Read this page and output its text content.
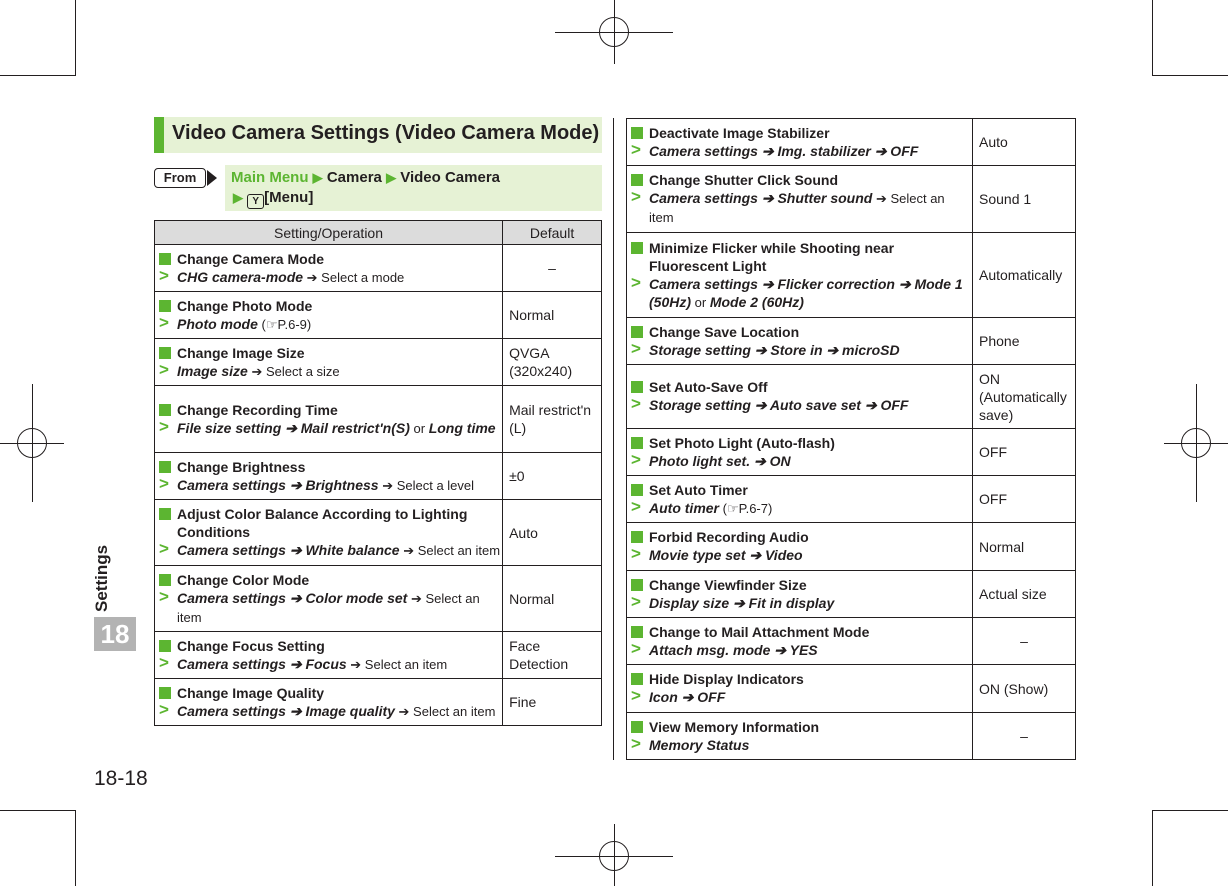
Settings
18
18-18
Video Camera Settings (Video Camera Mode)
From	Main Menu ▶ Camera ▶ Video Camera
▶ Y [Menu]
Setting/Operation	Default

Change Camera Mode
> CHG camera-mode ➔ Select a mode	–

Change Photo Mode
> Photo mode (☞P.6-9)	Normal

Change Image Size
> Image size ➔ Select a size	QVGA (320x240)

Change Recording Time
> File size setting ➔ Mail restrict'n(S) or Long time	Mail restrict'n (L)

Change Brightness
> Camera settings ➔ Brightness ➔ Select a level	±0

Adjust Color Balance According to Lighting Conditions
> Camera settings ➔ White balance ➔ Select an item	Auto

Change Color Mode
> Camera settings ➔ Color mode set ➔ Select an item	Normal

Change Focus Setting
> Camera settings ➔ Focus ➔ Select an item	Face Detection

Change Image Quality
> Camera settings ➔ Image quality ➔ Select an item	Fine
Deactivate Image Stabilizer
> Camera settings ➔ Img. stabilizer ➔ OFF	Auto

Change Shutter Click Sound
> Camera settings ➔ Shutter sound ➔ Select an item	Sound 1

Minimize Flicker while Shooting near Fluorescent Light
> Camera settings ➔ Flicker correction ➔ Mode 1 (50Hz) or Mode 2 (60Hz)	Automatically

Change Save Location
> Storage setting ➔ Store in ➔ microSD	Phone

Set Auto-Save Off
> Storage setting ➔ Auto save set ➔ OFF	ON (Automatically save)

Set Photo Light (Auto-flash)
> Photo light set. ➔ ON	OFF

Set Auto Timer
> Auto timer (☞P.6-7)	OFF

Forbid Recording Audio
> Movie type set ➔ Video	Normal

Change Viewfinder Size
> Display size ➔ Fit in display	Actual size

Change to Mail Attachment Mode
> Attach msg. mode ➔ YES	–

Hide Display Indicators
> Icon ➔ OFF	ON (Show)

View Memory Information
> Memory Status	–
